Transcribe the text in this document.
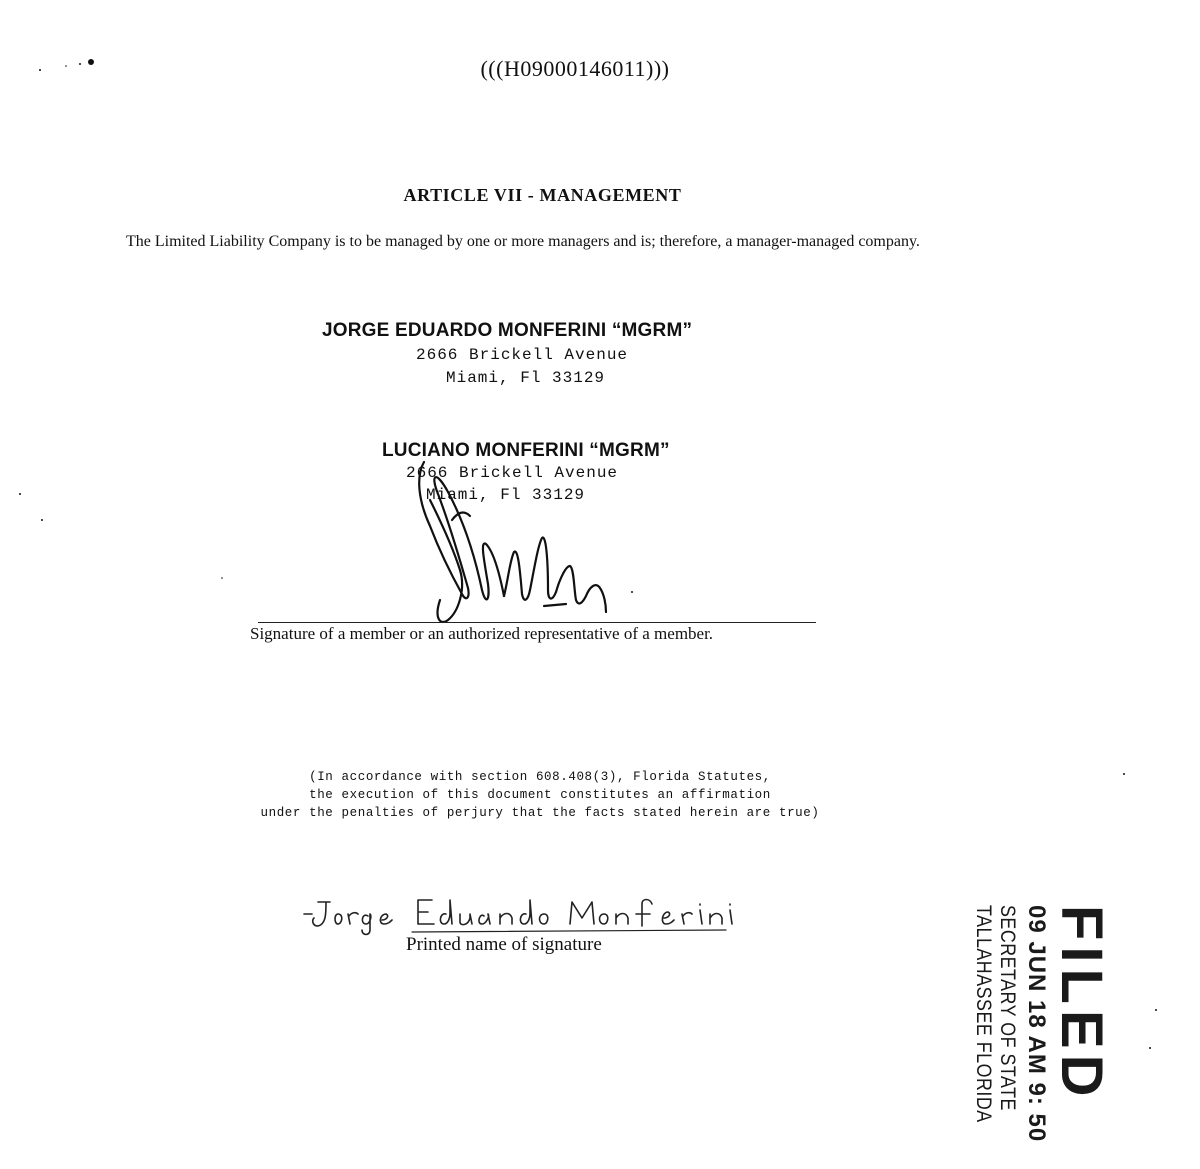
(((H09000146011)))
ARTICLE VII - MANAGEMENT
The Limited Liability Company is to be managed by one or more managers and is; therefore, a manager-managed company.
JORGE EDUARDO MONFERINI “MGRM”
2666 Brickell Avenue
Miami, Fl 33129
LUCIANO MONFERINI “MGRM”
2666 Brickell Avenue
Miami, Fl 33129
Signature of a member or an authorized representative of a member.
(In accordance with section 608.408(3), Florida Statutes,
the execution of this document constitutes an affirmation
under the penalties of perjury that the facts stated herein are true)
Printed name of signature	FILED
09 JUN 18 AM 9: 50
SECRETARY OF STATE
TALLAHASSEE FLORIDA
